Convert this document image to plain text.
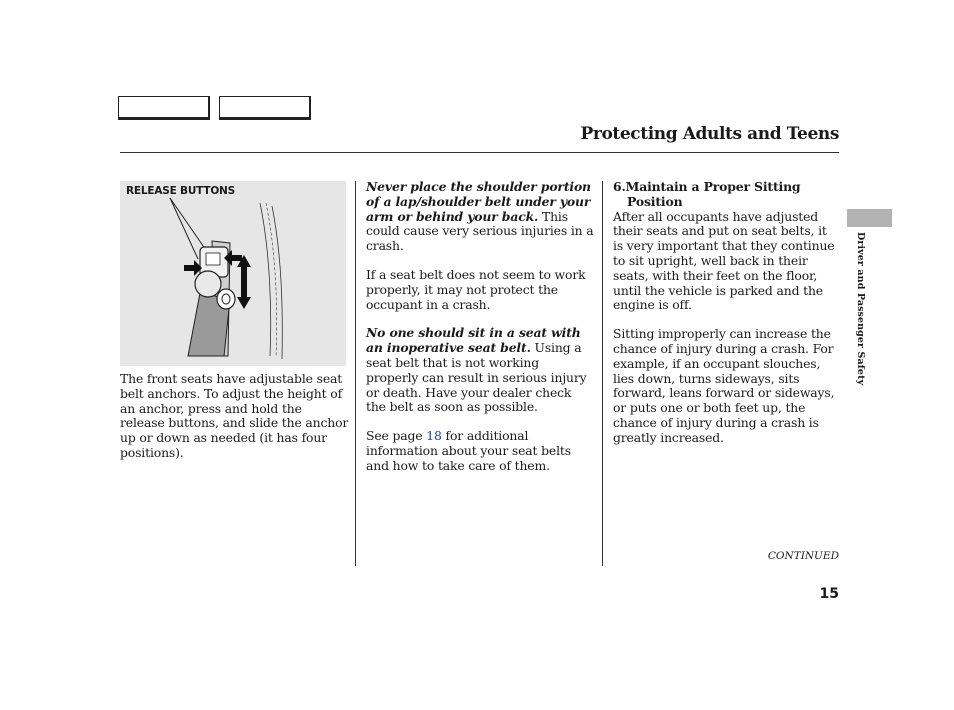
Protecting Adults and Teens
RELEASE BUTTONS

The front seats have adjustable seat belt anchors. To adjust the height of an anchor, press and hold the release buttons, and slide the anchor up or down as needed (it has four positions).

Never place the shoulder portion of a lap/shoulder belt under your arm or behind your back. This could cause very serious injuries in a crash.

If a seat belt does not seem to work properly, it may not protect the occupant in a crash.

No one should sit in a seat with an inoperative seat belt. Using a seat belt that is not working properly can result in serious injury or death. Have your dealer check the belt as soon as possible.

See page 18 for additional information about your seat belts and how to take care of them.

6.Maintain a Proper Sitting
Position

After all occupants have adjusted their seats and put on seat belts, it is very important that they continue to sit upright, well back in their seats, with their feet on the floor, until the vehicle is parked and the engine is off.

Sitting improperly can increase the chance of injury during a crash. For example, if an occupant slouches, lies down, turns sideways, sits forward, leans forward or sideways, or puts one or both feet up, the chance of injury during a crash is greatly increased.

Driver and Passenger Safety
CONTINUED
15
